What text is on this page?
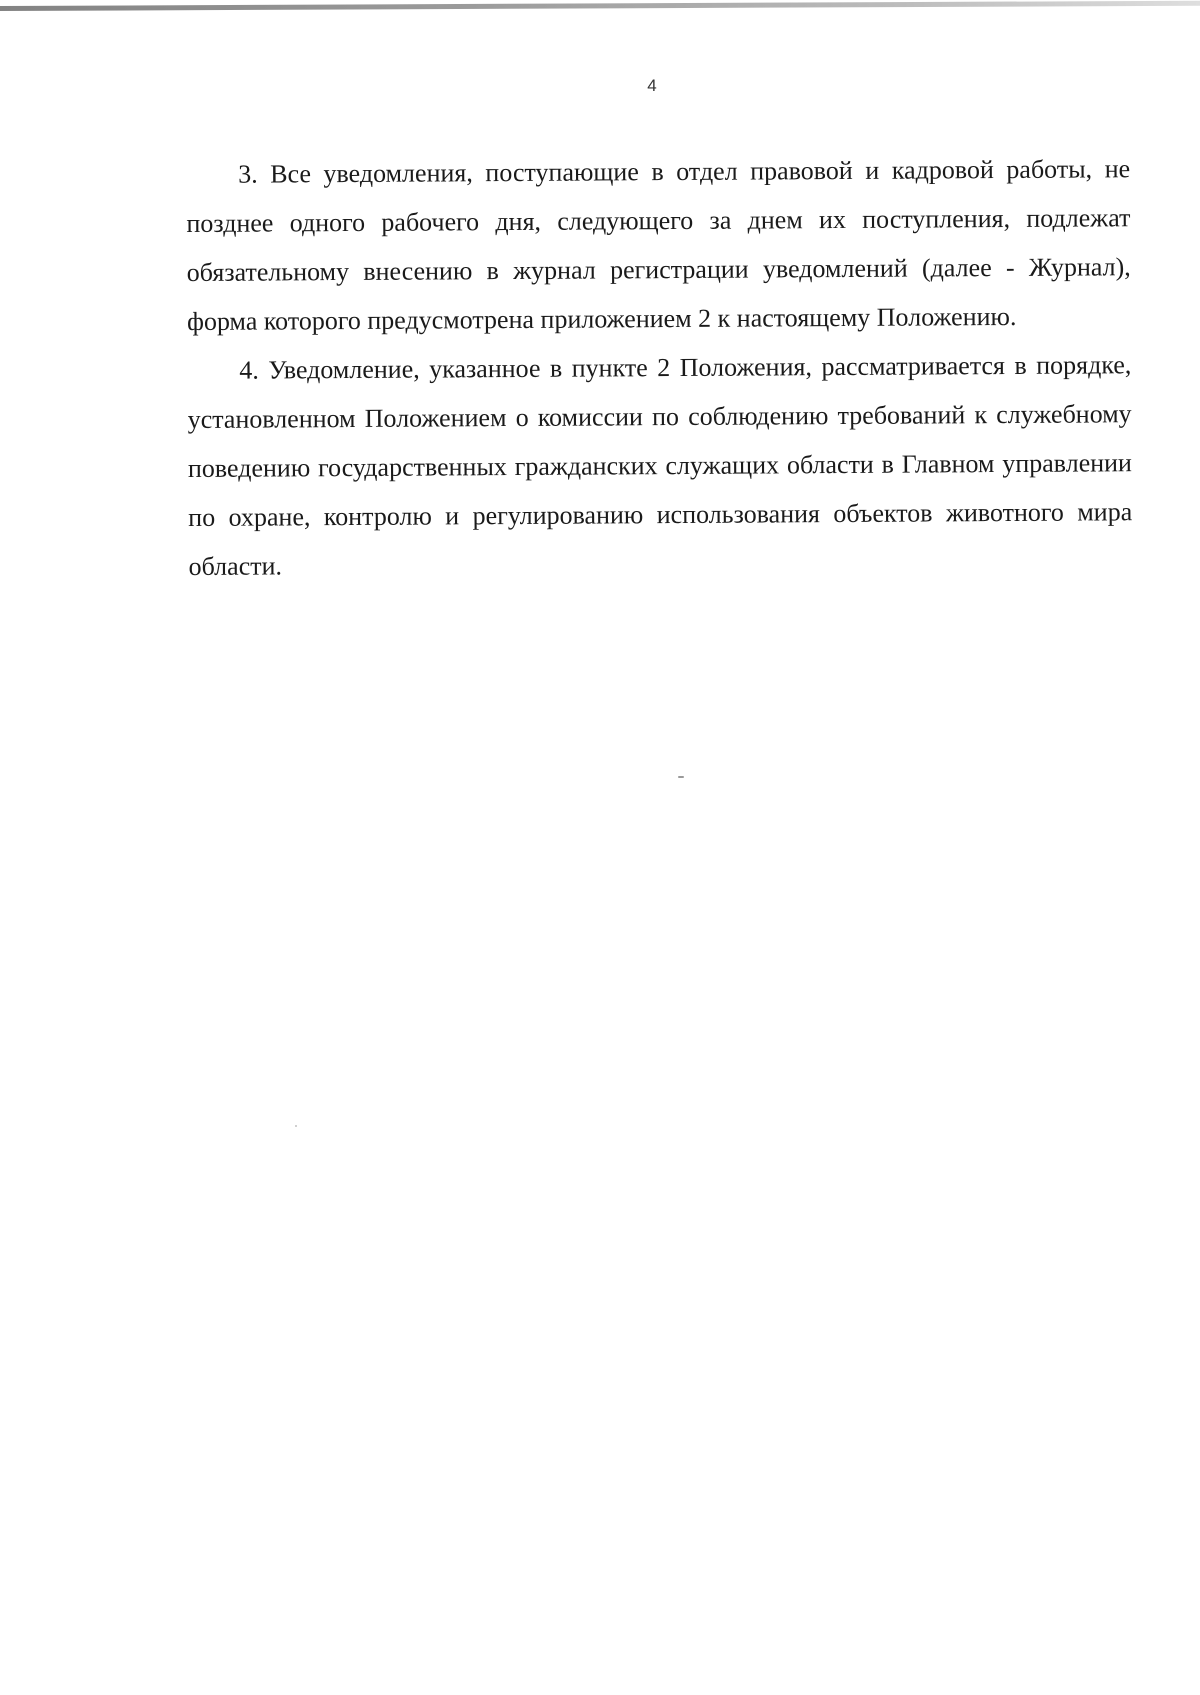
4

3. Все уведомления, поступающие в отдел правовой и кадровой работы, не позднее одного рабочего дня, следующего за днем их поступления, подлежат обязательному внесению в журнал регистрации уведомлений (далее - Журнал), форма которого предусмотрена приложением 2 к настоящему Положению.

4. Уведомление, указанное в пункте 2 Положения, рассматривается в порядке, установленном Положением о комиссии по соблюдению требований к служебному поведению государственных гражданских служащих области в Главном управлении по охране, контролю и регулированию использования объектов животного мира области.
